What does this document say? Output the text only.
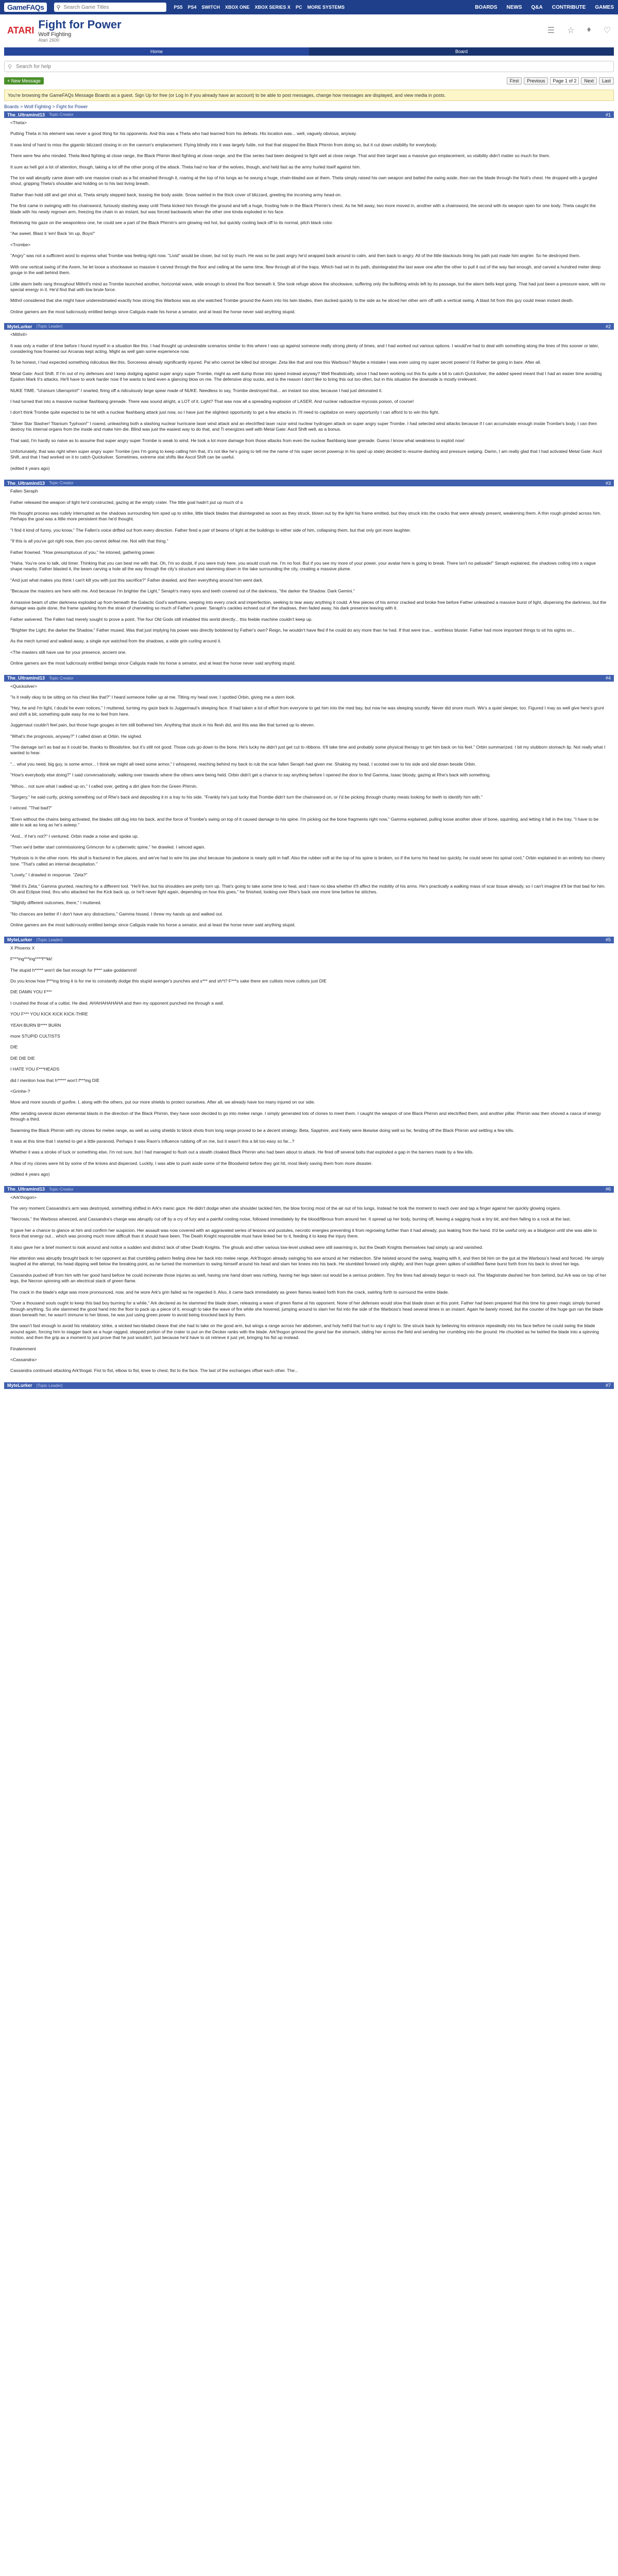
GameFAQs	⚲
Search Game Titles	PS5 PS4 SWITCH XBOX ONE XBOX SERIES X PC MORE SYSTEMS	BOARDS NEWS Q&A CONTRIBUTE GAMES
ATARI Fight for Power
Wolf Fighting
Atari 2600
☰ ☆ ♦ ♡
Home	Board
⚲
Search for help
+ New Message	First	Previous	Page 1 of 2	Next	Last
You're browsing the GameFAQs Message Boards as a guest. Sign Up for free (or Log In if you already have an account) to be able to post messages, change how messages are displayed, and view media in posts.
Boards > Wolf Fighting > Fight for Power
The_Ultramind13 Topic Creator	#1

<Theta>

Putting Theta in his element was never a good thing for his opponents. And this was a Theta who had learned from his defeats. His location was... well, vaguely obvious, anyway.

It was kind of hard to miss the gigantic blizzard closing in on the cannon's emplacement. Flying blindly into it was largely futile, not that that stopped the Black Phirnin from doing so, but it cut down visibility for everybody.

There were few who minded. Theta liked fighting at close range, the Black Phirnin liked fighting at close range, and the Elar series had been designed to fight well at close range. That and their target was a massive gun emplacement, so visibility didn't matter so much for them.

It sure as hell got a lot of attention, though, taking a lot off the other prong of the attack. Theta had no fear of the wolves, though, and held fast as the army hurled itself against him.

The ice wall abruptly came down with one massive crash as a fist smashed through it, roaring at the top of his lungs as he swung a huge, chain-bladed axe at them. Theta simply raised his own weapon and batted the swing aside, then ran the blade through the Noli's chest. He dropped with a gurgled shout, gripping Theta's shoulder and holding on to his last living breath.

Rather than hold still and get shot at, Theta simply stepped back, tossing the body aside. Snow swirled in the thick cover of blizzard, greeting the incoming army head-on.

The first came in swinging with his chainsword, furiously slashing away until Theta kicked him through the ground and left a huge, frosting hole in the Black Phirnin's chest. As he fell away, two more moved in, another with a chainsword, the second with its weapon open for one body. Theta caught the blade with his newly regrown arm, freezing the chain in an instant, but was forced backwards when the other one kinda exploded in his face.

Retrieving his gaze on the weaponless one, he could see a part of the Black Phirnin's arm glowing red hot, but quickly cooling back off to its normal, pitch black color.

"Aw sweet. Blast it 'em! Back 'im up, Boys!"

<Trombe>

"Angry" was not a sufficient word to express what Trombe was feeling right now. "Livid" would be closer, but not by much. He was so far past angry he'd wrapped back around to calm, and then back to angry. All of the little blackouts lining his path just made him angrier. So he destroyed them.

With one vertical swing of the Axem, he let loose a shockwave so massive it carved through the floor and ceiling at the same time, flew through all of the traps. Which had set in its path, disintegrated the last wave one after the other to pull it out of the way fast enough, and carved a hundred meter deep gouge in the wall behind them.

Little alarm bells rang throughout Mithril's mind as Trombe launched another, horizontal wave, wide enough to shred the floor beneath it. She took refuge above the shockwave, suffering only the buffeting winds left by its passage, but the alarm bells kept going. That had just been a pressure wave, with no special energy in it. He'd find that with low brute force.

Mithril considered that she might have underestimated exactly how strong this Warboss was as she watched Trombe ground the Axem into his twin blades, then ducked quickly to the side as he sliced her other arm off with a vertical swing. A blast hit from this guy could mean instant death.

Online gamers are the most ludicrously entitled beings since Caligula made his horse a senator, and at least the horse never said anything stupid.

MyteLurker (Topic Leader)	#2

<Mithril>

It was only a matter of time before I found myself in a situation like this. I had thought up undesirable scenarios similar to this where I was up against someone really strong plenty of times, and I had worked out various options. I would've had to deal with something along the lines of this sooner or later, considering how frowned our Arcanas kept acting. Might as well gain some experience now.

To be honest, I had expected something ridiculous like this. Sorceress already significantly injured. Pai who cannot be killed but stronger. Zeta like that and now this Warboss? Maybe a mistake I was even using my super secret powers! I'd Rather be going in bare. After all.

Metal Gate: Ascil Shift. If I'm out of my defenses and I keep dodging against super angry super Trombe, might as well dump those into speed instead anyway? Well Realistically, since I had been working out this fix quite a bit to catch Quicksilver, the added speed meant that I had an easier time avoiding Epsilon Mark II's attacks. He'll have to work harder now if he wants to land even a glancing blow on me. The defensive drop sucks, and is the reason I don't like to bring this out too often, but in this situation the downside is mostly irrelevant.

NUKE TIME. "Uranium Ubersprint!" I snarled, firing off a ridiculously large spear made of NUKE. Needless to say, Trombe destroyed that... an instant too slow, because I had just detonated it.

I had turned that into a massive nuclear flashbang grenade. There was sound alright, a LOT of it. Light? That was now all a spreading explosion of LASER. And nuclear radioactive mycosis poison, of course!

I don't think Trombe quite expected to be hit with a nuclear flashbang attack just now, so I have just the slightest opportunity to get a few attacks in. I'll need to capitalize on every opportunity I can afford to to win this fight.

"Silver Star Slasher! Titanium Typhoon!" I roared, unleashing both a slashing nuclear hurricane laser wind attack and an electrified laser razor wind nuclear hydrogen attack on super angry super Trombe. I had selected wind attacks because if I can accumulate enough inside Trombe's body, I can then destroy his internal organs from the inside and make him die. Blind was just the easiest way to do that, and Ti energizes well with Metal Gate: Ascil Shift well, as a bonus.

That said, I'm hardly so naive as to assume that super angry super Trombe is weak to wind. He took a lot more damage from those attacks from even the nuclear flashbang laser grenade. Guess I know what weakness to exploit now!

Unfortunately, that was right when super angry super Trombe (yes I'm going to keep calling him that, it's not like he's going to tell me the name of his super secret powerup in his sped up state) decided to resume dashing and pressure swiping. Damn, I am really glad that I had activated Metal Gate: Ascil Shift, and that I had worked on it to catch Quicksilver. Sometimes, extreme stat shifts like Ascol Shift can be useful.

(edited 4 years ago)

The_Ultramind13 Topic Creator	#3

Fallen Seraph

Father released the weapon of light he'd constructed, gazing at the empty crater. The little goal hadn't put up much of a

His thought process was rudely interrupted as the shadows surrounding him sped up to strike, little black blades that disintegrated as soon as they struck, blown out by the light his frame emitted, but they struck into the cracks that were already present, weakening them. A thin rough grinded across him. Perhaps the goal was a little more persistent than he'd thought.

"I find it kind of funny, you know," The Fallen's voice drifted out from every direction. Father fired a pair of beams of light at the buildings to either side of him, collapsing them, but that only got more laughter.

"If this is all you've got right now, then you cannot defeat me. Not with that thing."

Father frowned. "How presumptuous of you," he intoned, gathering power.

"Haha. You're one to talk, old timer. Thinking that you can beat me with that. Oh, I'm so doubt, if you were truly here, you would crush me. I'm no fool. But if you see my more of your power, your avatar here is going to break. There isn't no palisade!" Seraph explained, the shadows coiling into a vague shape nearby. Father blasted it, the beam carving a hole all the way through the city's structure and slamming down in the lake surrounding the city, creating a massive plume.

"And just what makes you think I can't kill you with just this sacrifice?" Father drawled, and then everything around him went dark.

"Because the masters are here with me. And because I'm brighter the Light," Seraph's many eyes and teeth covered out of the darkness, "the darker the Shadow. Dark Gemini."

A massive beam of utter darkness exploded up from beneath the Galactic God's warframe, seeping into every crack and imperfection, seeking to tear away anything it could. A few pieces of his armor cracked and broke free before Father unleashed a massive burst of light, dispersing the darkness, but the damage was quite done, the frame sparking from the strain of channeling so much of Father's power. Seraph's cackles echoed out of the shadows, then faded away, his dark presence leaving with it.

Father swivered. The Fallen had merely sought to prove a point. The four Old Gods still inhabited this world directly... this feeble machine couldn't keep up.

"Brighter the Light, the darker the Shadow," Father mused. Was that just implying his power was directly bolstered by Father's own? Reign, he wouldn't have fled if he could do any more than he had. If that were true... worthless bluster. Father had more important things to sit his sights on...

As the mech turned and walked away, a single eye watched from the shadows, a wide grin curling around it.

<The masters still have use for your presence, ancient one.

Online gamers are the most ludicrously entitled beings since Caligula made his horse a senator, and at least the horse never said anything stupid.

The_Ultramind13 Topic Creator	#4

<Quicksilver>

"Is it really okay to be sitting on his chest like that?" I heard someone holler up at me. Tilting my head over, I spotted Orbin, giving me a stern look.

"Hey, he and I'm light, I doubt he even notices," I muttered, turning my gaze back to Juggernaut's sleeping face. If had taken a lot of effort from everyone to get him into the med bay, but now he was sleeping soundly. Never did snore much. We's a quiet sleeper, too. Figured I may as well give here's grunt and shift a bit, something quite easy for me to feel from here.

Juggernaut couldn't feel pain, but those huge gouges in him still bothered him. Anything that stuck in his flesh did, and this was like that turned up to eleven.

"What's the prognosis, anyway?" I called down at Orbin. He sighed.

"The damage isn't as bad as it could be, thanks to Bloodshire, but it's still not good. Those cuts go down to the bone. He's lucky he didn't just get cut to ribbons. It'll take time and probably some physical therapy to get him back on his feet." Orbin summarized. I bit my stubborn stomach lip. Not really what I wanted to hear.

"... what you need, big guy, is some armor... I think we might all need some armor," I whispered, reaching behind my back to rub the scar fallen Seraph had given me. Shaking my head, I scooted over to his side and slid down beside Orbin.

"How's everybody else doing?" I said conversationally, walking over towards where the others were being held. Orbin didn't get a chance to say anything before I opened the door to find Gamma, Isaac bloody, gazing at Rhe's back with something.

"Whoo... not sure what I walked up on," I called over, getting a dirt glare from the Green Phirnin.

"Surgery," he said curtly, picking something out of Rhe's back and depositing it in a tray to his side. "Frankly he's just lucky that Trombe didn't turn the chainsword on, or I'd be picking through chunky meats looking for teeth to identify him with."

I winced. "That bad?"

"Even without the chains being activated, the blades still dug into his back, and the force of Trombe's swing on top of it caused damage to his spine. I'm picking out the bone fragments right now," Gamma explained, pulling loose another sliver of bone, squinting, and letting it fall in the tray. "I have to be able to ask as long as he's asleep."

"And... if he's not?" I ventured. Orbin made a noise and spoke up.

"Then we'd better start commissioning Grimcron for a cybernetic spine," he drawled. I winced again.

"Hydrosis is in the other room. His skull is fractured in five places, and we've had to wire his jaw shut because his jawbone is nearly split in half. Also the rubber soft at the top of his spine is broken, so if the turns his head too quickly, he could sever his spinal cord," Orbin explained in an entirely too cheery tone. "That's called an internal decapitation."

"Lovely," I drawled in response. "Zeta?"

"Well it's Zeta," Gamma grunted, reaching for a different tool. "He'll live, but his shoulders are pretty torn up. That's going to take some time to heal, and I have no idea whether it'll affect the mobility of his arms. He's practically a walking mass of scar tissue already, so I can't imagine it'll be that bad for him. Oh and Eclipse tried, thru who attacked her the Kick back up, or he'll never fight again, depending on how this goes," he finished, looking over Rhe's back one more time before he stitches.

"Slightly different outcomes, there," I muttered.

"No chances are better if I don't have any distractions," Gamma hissed. I threw my hands up and walked out.

Online gamers are the most ludicrously entitled beings since Caligula made his horse a senator, and at least the horse never said anything stupid.

MyteLurker (Topic Leader)	#5

X Phoenix X

F***ing***ing****f**kk!

The stupid h***** won't die fast enough for f**** sake goddammit!

Do you know how f***ing tiring it is for me to constantly dodge this stupid avenger's punches and s*** and sh*t? F***s sake there are cultists move cultists just DIE

DIE DAMN YOU F***

I crushed the throat of a cultist. He died. AHAHAHAHAHA and then my opponent punched me through a wall.

YOU F*** YOU KICK KICK KICK-THRE

YEAH BURN B**** BURN

more STUPID CULTISTS

DIE

DIE DIE DIE

I HATE YOU F***HEADS

did I mention how that h***** won't f***ing DIE

<Grinhe-?

More and more sounds of gunfire. I, along with the others, put our more shields to protect ourselves. After all, we already have too many injured on our side.

After sending several dozen elemental blasts in the direction of the Black Phirnin, they have soon decided to go into melee range. I simply generated lots of clones to meet them. I caught the weapon of one Black Phirnin and electrified them, and another pillar. Phirnin was then shoved a casca of energy through a third.

Swarming the Black Phirnin with my clones for melee range, as well as using shields to block shots from long range proved to be a decent strategy. Beta, Sapphire, and Keely were likewise doing well so far, fending off the Black Phirnin and settling a few kills.

It was at this time that I started to get a little paranoid. Perhaps it was Raon's influence rubbing off on me, but it wasn't this a bit too easy so far...?

Whether it was a stroke of luck or something else, I'm not sure, but I had managed to flush out a stealth cloaked Black Phirnin who had been about to attack. He fired off several bolts that exploded a gap in the barriers made by a few kills.

A few of my clones were hit by some of the knives and dispersed. Luckily, I was able to push aside some of the Bloodwind before they got hit, most likely saving them from more disaster.

(edited 4 years ago)

The_Ultramind13 Topic Creator	#6

<Ark'thogon>

The very moment Cassandra's arm was destroyed, something shifted in Ark's manic gaze. He didn't dodge when she shoulder tackled him, the blow forcing most of the air out of his lungs. Instead he took the moment to reach over and tap a finger against her quickly glowing organs.

"Necrosis," the Warboss wheezed, and Cassandra's charge was abruptly cut off by a cry of fury and a painful cooling noise, followed immediately by the blood/fibrous from around her. It spread up her body, burning off, leaving a sagging husk a tiny bit, and then falling to a rock at the last.

It gave her a chance to glance at him and confirm her suspicion. Her assault was now covered with an aggravated series of lesions and pustules, necrotic energies preventing it from regrowing further than it had already, pus leaking from the hand. It'd be useful only as a bludgeon until she was able to force that energy out... which was proving much more difficult than it should have been. The Death Knight responsible must have linked her to it, feeding it to keep the injury there.

It also gave her a brief moment to look around and notice a sudden and distinct lack of other Death Knights. The ghouls and other various low-level undead were still swarming in, but the Death Knights themselves had simply up and vanished.

Her attention was abruptly brought back to her opponent as that crumbling pattern feeling drew her back into melee range. Ark'thogon already swinging his axe around at her midsection. She twisted around the swing, leaping with it, and then bit him on the gut at the Warboss's head and forced. He simply laughed at the attempt, his head dipping well below the breaking point, as he turned the momentum to swing himself around his head and slam her knees into his back. He stumbled forward only slightly, and then huge green spikes of solidified flame burst forth from his back to shred her legs.

Cassandra pushed off from him with her good hand before he could incinerate those injuries as well, having one hand down was nothing, having her legs taken out would be a serious problem. Tiny fire lines had already begun to reach out. The Magistrate dashed her from behind, but Ark was on top of her legs, the Necron spinning with an electrical stack of green flame.

The crack in the blade's edge was more pronounced, now, and he wore Ark's grin failed as he regarded it. Also, it came back immediately as green flames leaked forth from the crack, swirling forth to surround the entire blade.

"Over a thousand souls ought to keep this bad boy burning for a while," Ark declared as he slammed the blade down, releasing a wave of green flame at his opponent. None of her defenses would slow that blade down at this point. Father had been prepared that this time his green magic simply burned through anything. So she slammed the good hand into the floor to pack up a piece of it, enough to take the wave of fire while she hovered, jumping around to slam her fist into the side of the Warboss's head several times in an instant. Again he barely moved, but the counter of the huge gun ran the blade down beneath her, he wasn't immune to her blows, he was just using green power to avoid being knocked back by them.

She wasn't fast enough to avoid his retaliatory strike, a wicked two-bladed cleave that she had to take on the good arm, but wings a range across her abdomen, and holy hell'd that hurt to say it right to. She struck back by believing his entrance repeatedly into his face before he could swing the blade around again, forcing him to stagger back as a huge ragged, stepped portion of the crater to put on the Decker ranks with the blade. Ark'thogon grinned the grand bar the stomach, sliding her across the field and sending her crumbling into the ground. He chuckled as he twirled the blade into a spinning motion, and then the grip as a moment to just prove that he just wouldn't, just because he'd have to sit retrieve it just yet, bringing his fist up instead.

Finalemment

<Cassandra>

Cassandra continued attacking Ark'thogal. Fist to fist, elbow to fist, knee to chest, fist to the face. The last of the exchanges offset each other. The...

MyteLurker (Topic Leader)	#7
